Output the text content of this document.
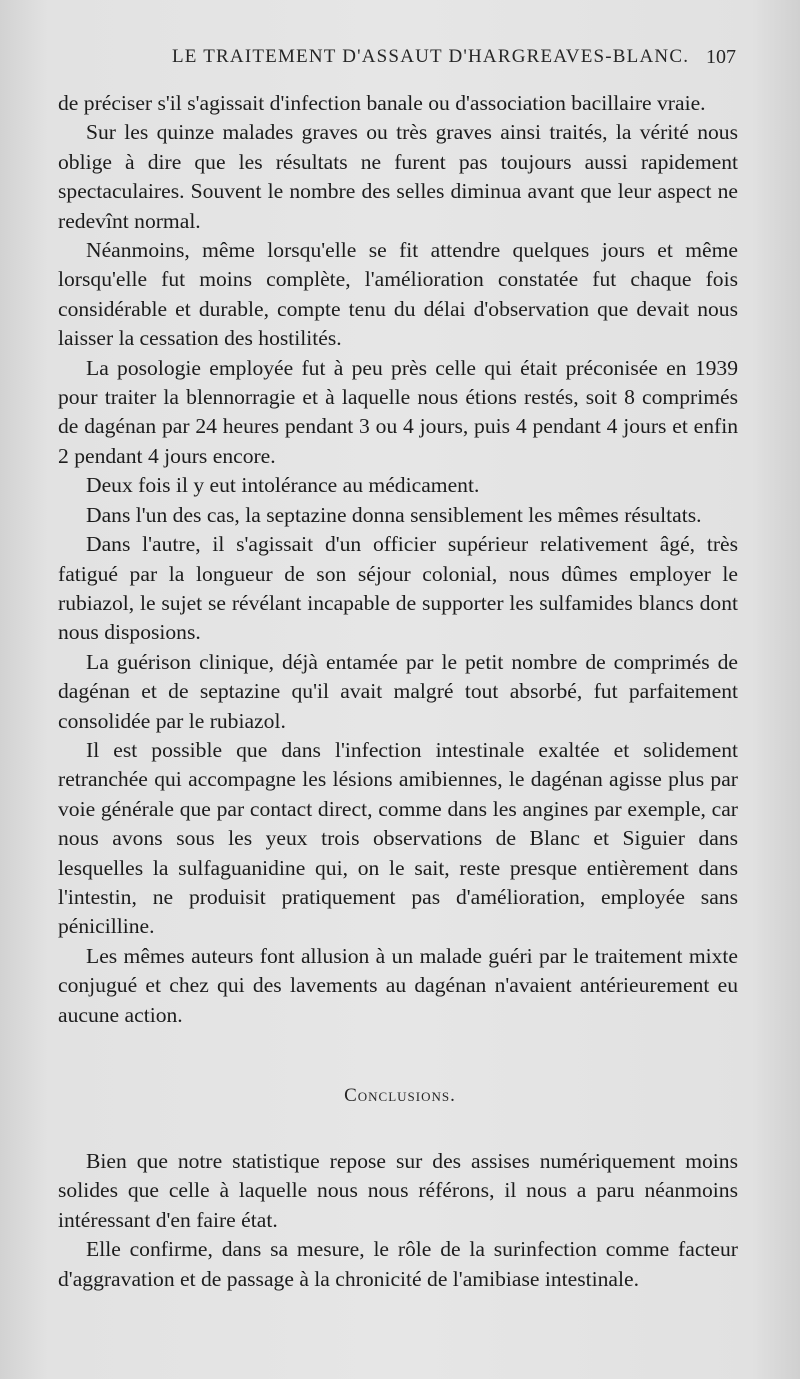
LE TRAITEMENT D'ASSAUT D'HARGREAVES-BLANC. 107

de préciser s'il s'agissait d'infection banale ou d'association bacillaire vraie.

Sur les quinze malades graves ou très graves ainsi traités, la vérité nous oblige à dire que les résultats ne furent pas toujours aussi rapidement spectaculaires. Souvent le nombre des selles diminua avant que leur aspect ne redevînt normal.

Néanmoins, même lorsqu'elle se fit attendre quelques jours et même lorsqu'elle fut moins complète, l'amélioration constatée fut chaque fois considérable et durable, compte tenu du délai d'observation que devait nous laisser la cessation des hostilités.

La posologie employée fut à peu près celle qui était préconisée en 1939 pour traiter la blennorragie et à laquelle nous étions restés, soit 8 comprimés de dagénan par 24 heures pendant 3 ou 4 jours, puis 4 pendant 4 jours et enfin 2 pendant 4 jours encore.

Deux fois il y eut intolérance au médicament.

Dans l'un des cas, la septazine donna sensiblement les mêmes résultats.

Dans l'autre, il s'agissait d'un officier supérieur relativement âgé, très fatigué par la longueur de son séjour colonial, nous dûmes employer le rubiazol, le sujet se révélant incapable de supporter les sulfamides blancs dont nous disposions.

La guérison clinique, déjà entamée par le petit nombre de comprimés de dagénan et de septazine qu'il avait malgré tout absorbé, fut parfaitement consolidée par le rubiazol.

Il est possible que dans l'infection intestinale exaltée et solidement retranchée qui accompagne les lésions amibiennes, le dagénan agisse plus par voie générale que par contact direct, comme dans les angines par exemple, car nous avons sous les yeux trois observations de Blanc et Siguier dans lesquelles la sulfaguanidine qui, on le sait, reste presque entièrement dans l'intestin, ne produisit pratiquement pas d'amélioration, employée sans pénicilline.

Les mêmes auteurs font allusion à un malade guéri par le traitement mixte conjugué et chez qui des lavements au dagénan n'avaient antérieurement eu aucune action.

Conclusions.

Bien que notre statistique repose sur des assises numériquement moins solides que celle à laquelle nous nous référons, il nous a paru néanmoins intéressant d'en faire état.

Elle confirme, dans sa mesure, le rôle de la surinfection comme facteur d'aggravation et de passage à la chronicité de l'amibiase intestinale.
